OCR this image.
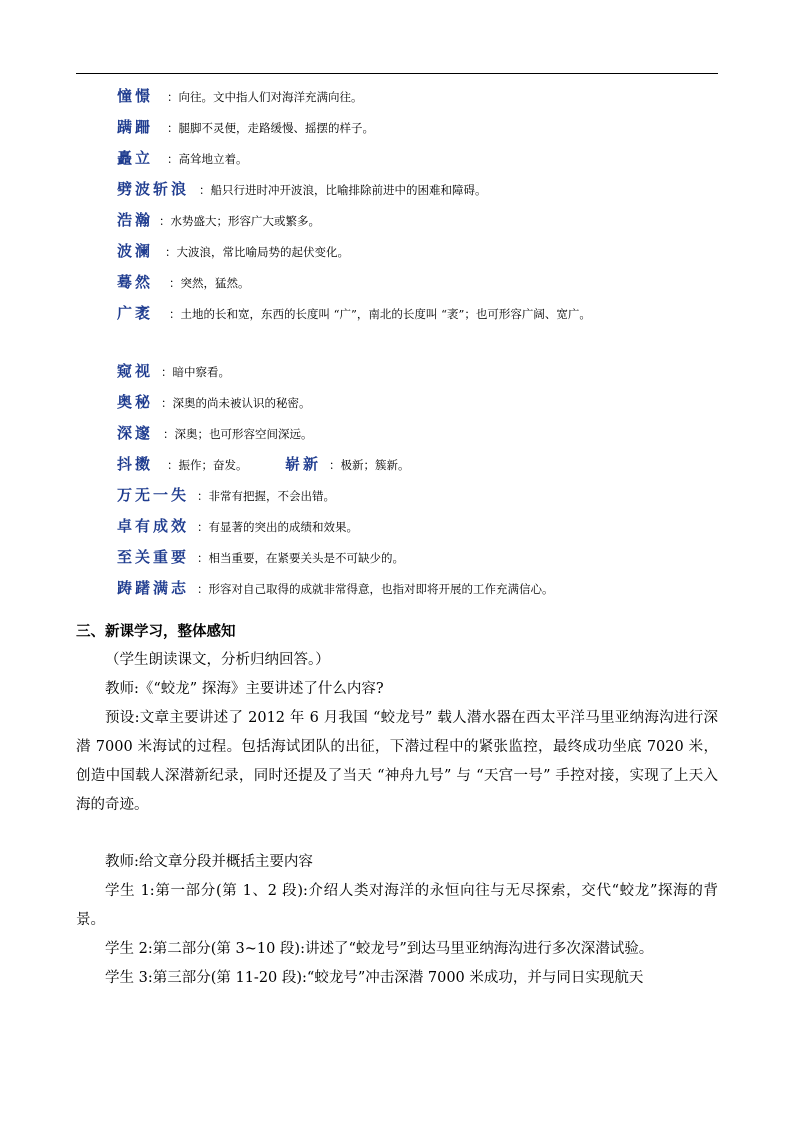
憧憬 ：向往。文中指人们对海洋充满向往。
蹒跚 ：腿脚不灵便，走路缓慢、摇摆的样子。
矗立 ：高耸地立着。
劈波斩浪 ：船只行进时冲开波浪，比喻排除前进中的困难和障碍。
浩瀚 ：水势盛大；形容广大或繁多。
波澜 ：大波浪，常比喻局势的起伏变化。
蓦然 ：突然，猛然。
广袤 ：土地的长和宽，东西的长度叫 “广”，南北的长度叫 “袤”；也可形容广阔、宽广。
窥视 ：暗中察看。
奥秘 ：深奥的尚未被认识的秘密。
深邃 ：深奥；也可形容空间深远。
抖擞 ：振作；奋发。	崭新 ：极新；簇新。
万无一失 ：非常有把握，不会出错。
卓有成效 ：有显著的突出的成绩和效果。
至关重要 ：相当重要，在紧要关头是不可缺少的。
踌躇满志 ：形容对自己取得的成就非常得意，也指对即将开展的工作充满信心。

三、新课学习，整体感知

（学生朗读课文，分析归纳回答。）

教师:《“蛟龙” 探海》主要讲述了什么内容?

预设:文章主要讲述了 2012 年 6 月我国 “蛟龙号” 载人潜水器在西太平洋马里亚纳海沟进行深潜 7000 米海试的过程。包括海试团队的出征，下潜过程中的紧张监控，最终成功坐底 7020 米，创造中国载人深潜新纪录，同时还提及了当天 “神舟九号” 与 “天宫一号” 手控对接，实现了上天入海的奇迹。

教师:给文章分段并概括主要内容

学生 1:第一部分(第 1、2 段):介绍人类对海洋的永恒向往与无尽探索，交代“蛟龙”探海的背景。

学生 2:第二部分(第 3~10 段):讲述了“蛟龙号”到达马里亚纳海沟进行多次深潜试验。

学生 3:第三部分(第 11-20 段):“蛟龙号”冲击深潜 7000 米成功，并与同日实现航天
